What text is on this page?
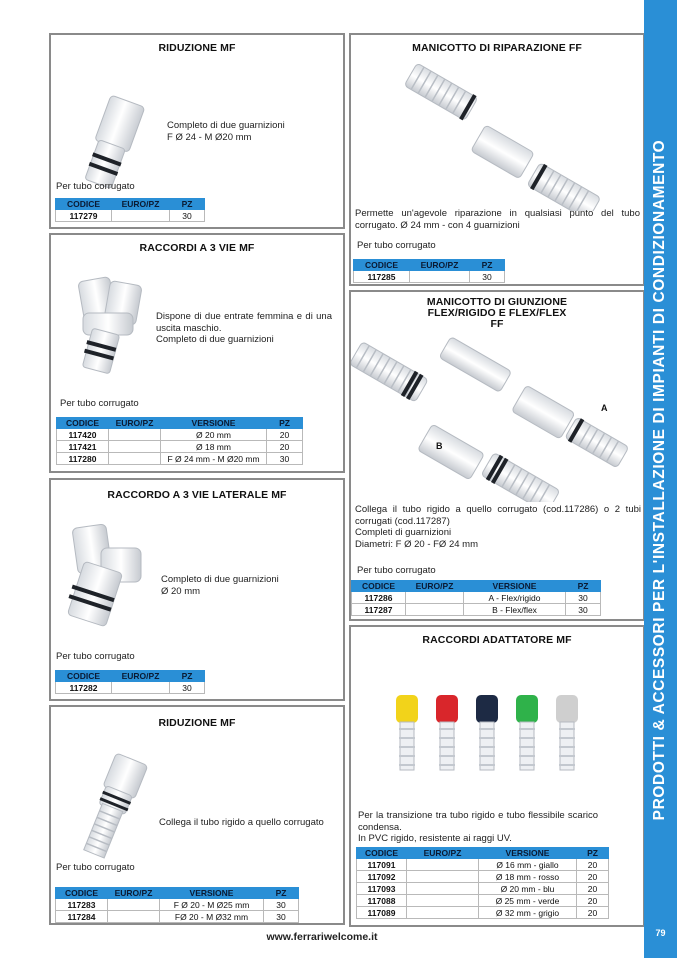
RIDUZIONE MF
Completo di due guarnizioni
F Ø 24 - M Ø20 mm
Per tubo corrugato
CODICE	EURO/PZ	PZ
117279		30
RACCORDI A 3 VIE MF
Dispone di due entrate femmina e di una uscita maschio.
Completo di due guarnizioni
Per tubo corrugato
CODICE	EURO/PZ	VERSIONE	PZ
117420		Ø 20 mm	20
117421		Ø 18 mm	20
117280		F Ø 24 mm - M Ø20 mm	30
RACCORDO A 3 VIE LATERALE MF
Completo di due guarnizioni
Ø 20 mm
Per tubo corrugato
CODICE	EURO/PZ	PZ
117282		30
RIDUZIONE MF
Collega il tubo rigido a quello corrugato
Per tubo corrugato
CODICE	EURO/PZ	VERSIONE	PZ
117283		F Ø 20 - M Ø25 mm	30
117284		FØ 20 - M Ø32 mm	30
MANICOTTO DI RIPARAZIONE FF
Permette un'agevole riparazione in qualsiasi punto del tubo corrugato. Ø 24 mm - con 4 guarnizioni
Per tubo corrugato
CODICE	EURO/PZ	PZ
117285		30
MANICOTTO DI GIUNZIONE
FLEX/RIGIDO E FLEX/FLEX
FF
A
B
Collega il tubo rigido a quello corrugato (cod.117286) o 2 tubi corrugati (cod.117287)
Completi di guarnizioni
Diametri: F Ø 20 - FØ 24 mm
Per tubo corrugato
CODICE	EURO/PZ	VERSIONE	PZ
117286		A - Flex/rigido	30
117287		B - Flex/flex	30
RACCORDI ADATTATORE MF
Per la transizione tra tubo rigido e tubo flessibile scarico condensa.
In PVC rigido, resistente ai raggi UV.
CODICE	EURO/PZ	VERSIONE	PZ
117091		Ø 16 mm - giallo	20
117092		Ø 18 mm - rosso	20
117093		Ø 20 mm - blu	20
117088		Ø 25 mm - verde	20
117089		Ø 32 mm - grigio	20
PRODOTTI & ACCESSORI PER L'INSTALLAZIONE DI IMPIANTI DI CONDIZIONAMENTO
79
www.ferrariwelcome.it
